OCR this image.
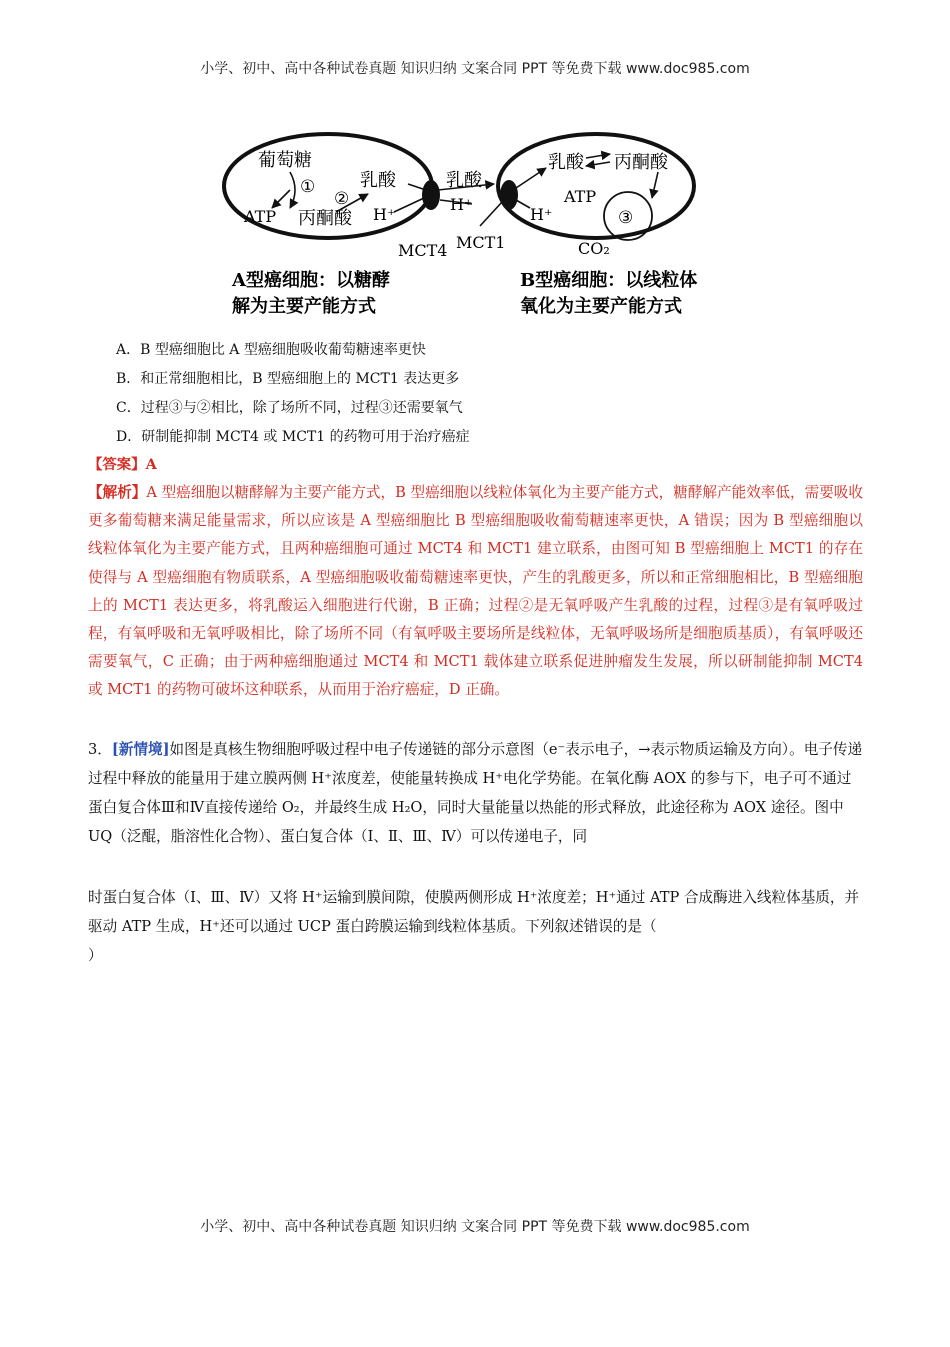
小学、初中、高中各种试卷真题 知识归纳 文案合同 PPT 等免费下载 www.doc985.com
葡萄糖
①
②
ATP 丙酮酸
乳酸
H⁺
MCT4
乳酸
H⁺
乳酸 丙酮酸
ATP
③
CO₂
H⁺
MCT1
A型癌细胞：以糖酵
解为主要产能方式
B型癌细胞：以线粒体
氧化为主要产能方式
A．B 型癌细胞比 A 型癌细胞吸收葡萄糖速率更快
B．和正常细胞相比，B 型癌细胞上的 MCT1 表达更多
C．过程③与②相比，除了场所不同，过程③还需要氧气
D．研制能抑制 MCT4 或 MCT1 的药物可用于治疗癌症
【答案】A
【解析】A 型癌细胞以糖酵解为主要产能方式，B 型癌细胞以线粒体氧化为主要产能方式，糖酵解产能效率低，需要吸收更多葡萄糖来满足能量需求，所以应该是 A 型癌细胞比 B 型癌细胞吸收葡萄糖速率更快，A 错误；因为 B 型癌细胞以线粒体氧化为主要产能方式，且两种癌细胞可通过 MCT4 和 MCT1 建立联系，由图可知 B 型癌细胞上 MCT1 的存在使得与 A 型癌细胞有物质联系，A 型癌细胞吸收葡萄糖速率更快，产生的乳酸更多，所以和正常细胞相比，B 型癌细胞上的 MCT1 表达更多，将乳酸运入细胞进行代谢，B 正确；过程②是无氧呼吸产生乳酸的过程，过程③是有氧呼吸过程，有氧呼吸和无氧呼吸相比，除了场所不同（有氧呼吸主要场所是线粒体，无氧呼吸场所是细胞质基质），有氧呼吸还需要氧气，C 正确；由于两种癌细胞通过 MCT4 和 MCT1 载体建立联系促进肿瘤发生发展，所以研制能抑制 MCT4 或 MCT1 的药物可破坏这种联系，从而用于治疗癌症，D 正确。
3．[新情境]如图是真核生物细胞呼吸过程中电子传递链的部分示意图（e⁻表示电子，→表示物质运输及方向）。电子传递过程中释放的能量用于建立膜两侧 H⁺浓度差，使能量转换成 H⁺电化学势能。在氧化酶 AOX 的参与下，电子可不通过蛋白复合体Ⅲ和Ⅳ直接传递给 O₂，并最终生成 H₂O，同时大量能量以热能的形式释放，此途径称为 AOX 途径。图中 UQ（泛醌，脂溶性化合物）、蛋白复合体（Ⅰ、Ⅱ、Ⅲ、Ⅳ）可以传递电子，同
时蛋白复合体（Ⅰ、Ⅲ、Ⅳ）又将 H⁺运输到膜间隙，使膜两侧形成 H⁺浓度差；H⁺通过 ATP 合成酶进入线粒体基质，并驱动 ATP 生成，H⁺还可以通过 UCP 蛋白跨膜运输到线粒体基质。下列叙述错误的是（
）
小学、初中、高中各种试卷真题 知识归纳 文案合同 PPT 等免费下载 www.doc985.com
